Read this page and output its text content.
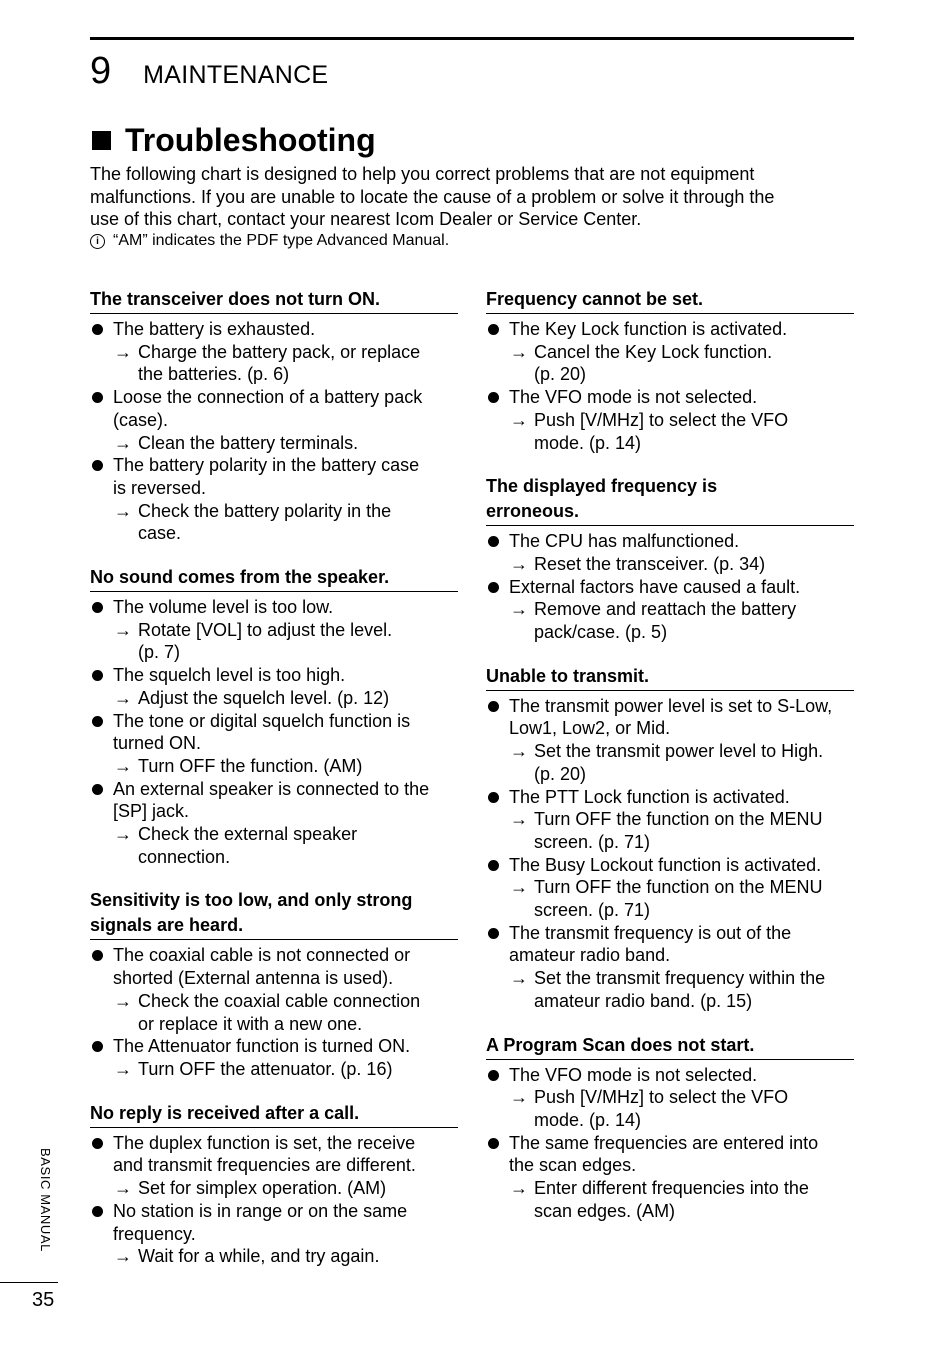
9 MAINTENANCE
Troubleshooting

The following chart is designed to help you correct problems that are not equipment

malfunctions. If you are unable to locate the cause of a problem or solve it through the

use of this chart, contact your nearest Icom Dealer or Service Center.

i “AM” indicates the PDF type Advanced Manual.
The transceiver does not turn ON.
The battery is exhausted.
→ Charge the battery pack, or replace
the batteries. (p. 6)
Loose the connection of a battery pack
(case).
→ Clean the battery terminals.
The battery polarity in the battery case
is reversed.
→ Check the battery polarity in the
case.
No sound comes from the speaker.
The volume level is too low.
→ Rotate [VOL] to adjust the level.
(p. 7)
The squelch level is too high.
→ Adjust the squelch level. (p. 12)
The tone or digital squelch function is
turned ON.
→ Turn OFF the function. (AM)
An external speaker is connected to the
[SP] jack.
→ Check the external speaker
connection.
Sensitivity is too low, and only strong
signals are heard.
The coaxial cable is not connected or
shorted (External antenna is used).
→ Check the coaxial cable connection
or replace it with a new one.
The Attenuator function is turned ON.
→ Turn OFF the attenuator. (p. 16)
No reply is received after a call.
The duplex function is set, the receive
and transmit frequencies are different.
→ Set for simplex operation. (AM)
No station is in range or on the same
frequency.
→ Wait for a while, and try again.
Frequency cannot be set.
The Key Lock function is activated.
→ Cancel the Key Lock function.
(p. 20)
The VFO mode is not selected.
→ Push [V/MHz] to select the VFO
mode. (p. 14)
The displayed frequency is
erroneous.
The CPU has malfunctioned.
→ Reset the transceiver. (p. 34)
External factors have caused a fault.
→ Remove and reattach the battery
pack/case. (p. 5)
Unable to transmit.
The transmit power level is set to S-Low,
Low1, Low2, or Mid.
→ Set the transmit power level to High.
(p. 20)
The PTT Lock function is activated.
→ Turn OFF the function on the MENU
screen. (p. 71)
The Busy Lockout function is activated.
→ Turn OFF the function on the MENU
screen. (p. 71)
The transmit frequency is out of the
amateur radio band.
→ Set the transmit frequency within the
amateur radio band. (p. 15)
A Program Scan does not start.
The VFO mode is not selected.
→ Push [V/MHz] to select the VFO
mode. (p. 14)
The same frequencies are entered into
the scan edges.
→ Enter different frequencies into the
scan edges. (AM)
BASIC MANUAL
35
